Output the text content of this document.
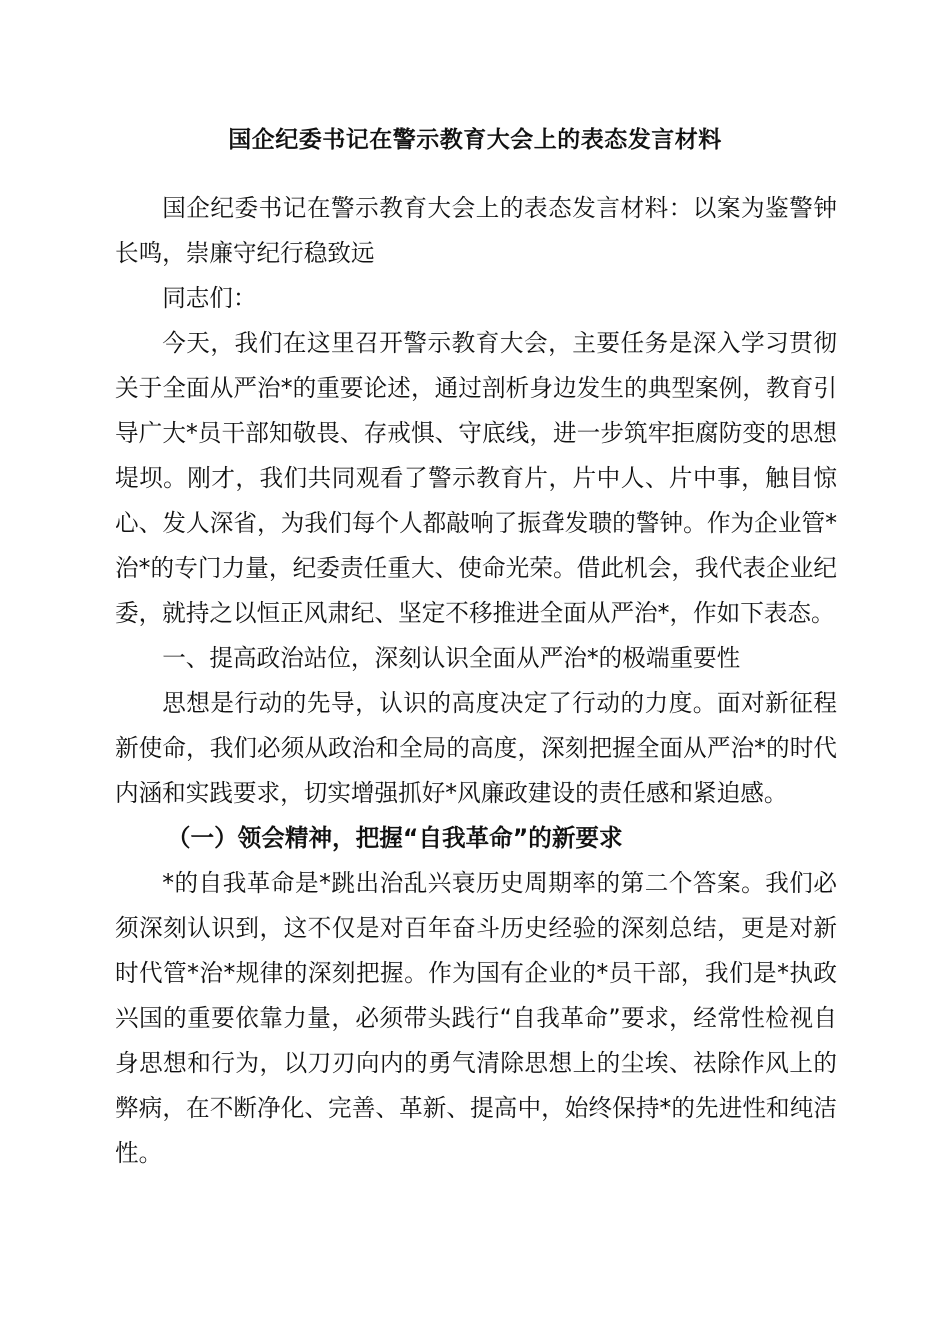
国企纪委书记在警示教育大会上的表态发言材料

国企纪委书记在警示教育大会上的表态发言材料：以案为鉴警钟长鸣，崇廉守纪行稳致远

同志们：

今天，我们在这里召开警示教育大会，主要任务是深入学习贯彻关于全面从严治*的重要论述，通过剖析身边发生的典型案例，教育引导广大*员干部知敬畏、存戒惧、守底线，进一步筑牢拒腐防变的思想堤坝。刚才，我们共同观看了警示教育片，片中人、片中事，触目惊心、发人深省，为我们每个人都敲响了振聋发聩的警钟。作为企业管*治*的专门力量，纪委责任重大、使命光荣。借此机会，我代表企业纪委，就持之以恒正风肃纪、坚定不移推进全面从严治*，作如下表态。

一、提高政治站位，深刻认识全面从严治*的极端重要性

思想是行动的先导，认识的高度决定了行动的力度。面对新征程新使命，我们必须从政治和全局的高度，深刻把握全面从严治*的时代内涵和实践要求，切实增强抓好*风廉政建设的责任感和紧迫感。

（一）领会精神，把握“自我革命”的新要求

*的自我革命是*跳出治乱兴衰历史周期率的第二个答案。我们必须深刻认识到，这不仅是对百年奋斗历史经验的深刻总结，更是对新时代管*治*规律的深刻把握。作为国有企业的*员干部，我们是*执政兴国的重要依靠力量，必须带头践行“自我革命”要求，经常性检视自身思想和行为，以刀刃向内的勇气清除思想上的尘埃、祛除作风上的弊病，在不断净化、完善、革新、提高中，始终保持*的先进性和纯洁性。
